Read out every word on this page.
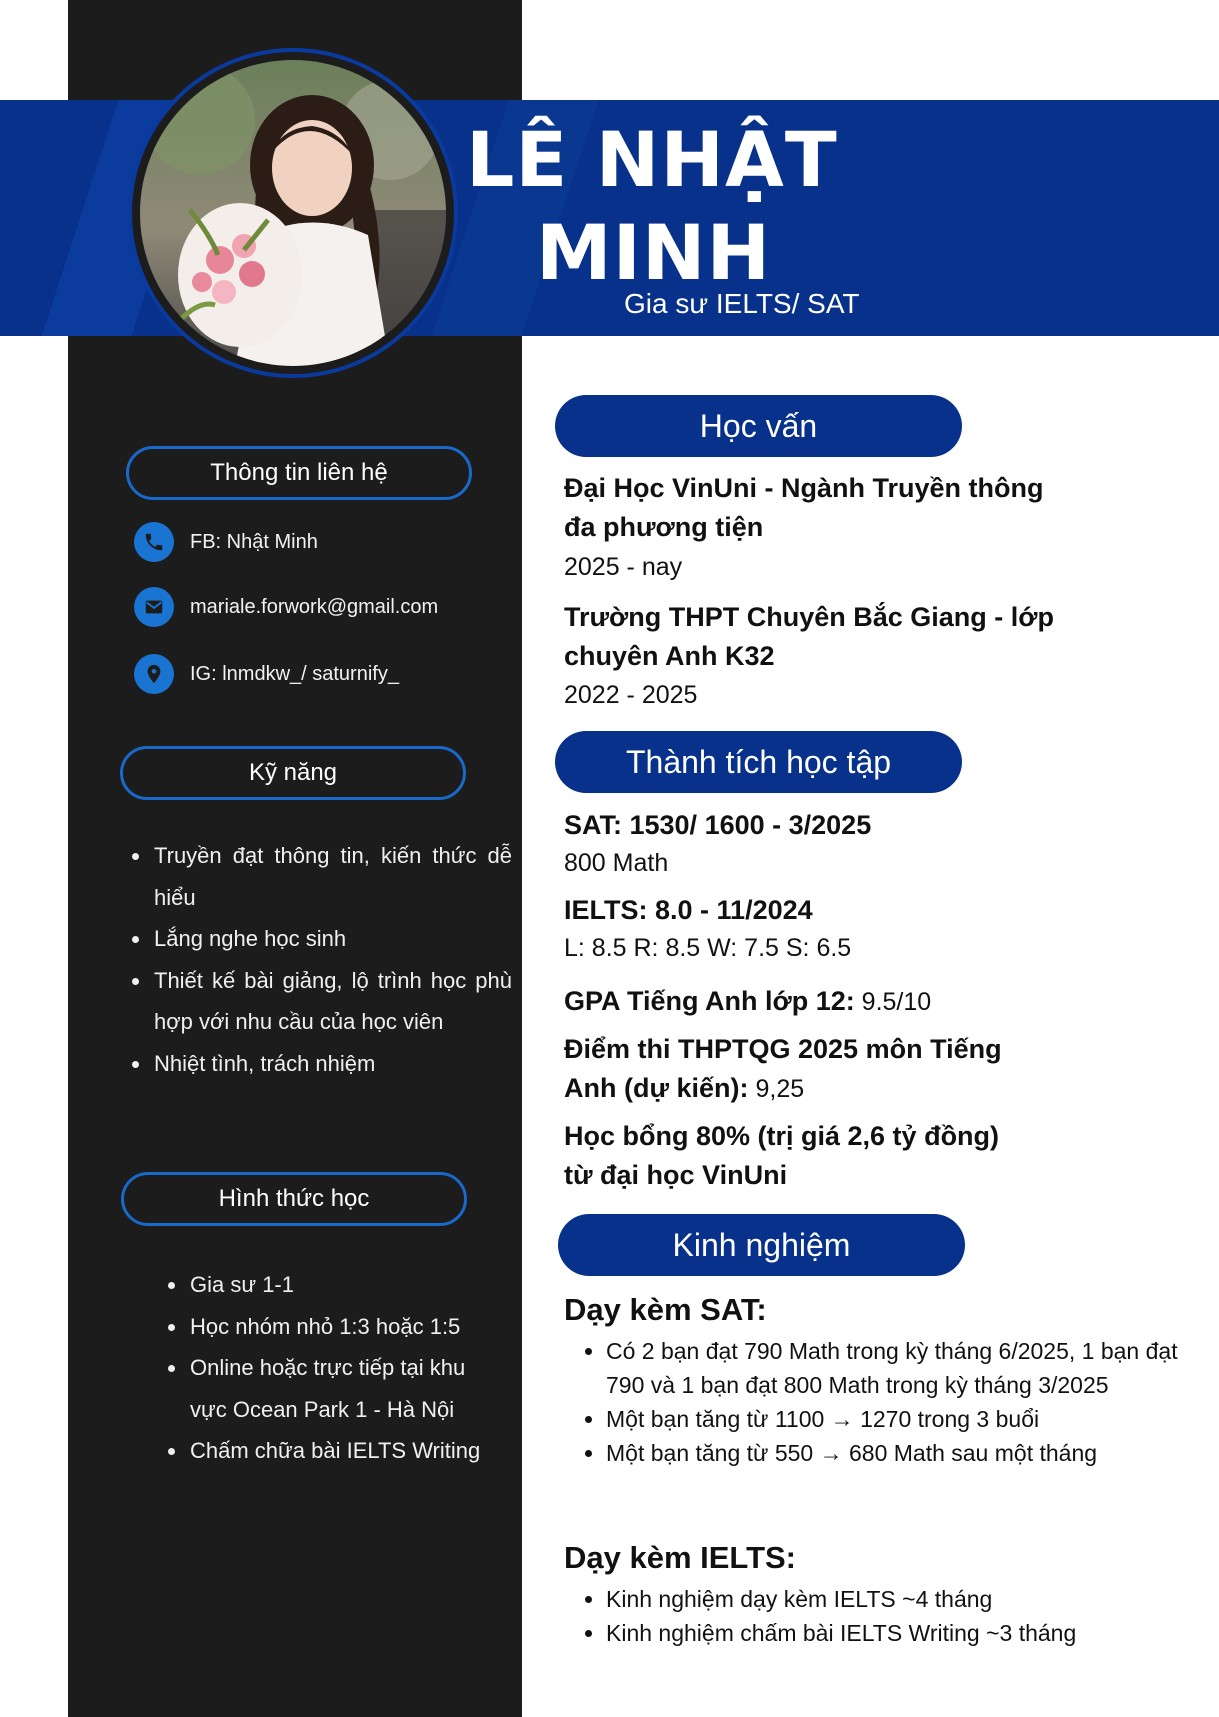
LÊ NHẬT
MINH
Gia sư IELTS/ SAT
Thông tin liên hệ
FB: Nhật Minh
mariale.forwork@gmail.com
IG: lnmdkw_/ saturnify_
Kỹ năng
• Truyền đạt thông tin, kiến thức dễ hiểu
• Lắng nghe học sinh
• Thiết kế bài giảng, lộ trình học phù hợp với nhu cầu của học viên
• Nhiệt tình, trách nhiệm
Hình thức học
• Gia sư 1-1
• Học nhóm nhỏ 1:3 hoặc 1:5
• Online hoặc trực tiếp tại khu vực Ocean Park 1 - Hà Nội
• Chấm chữa bài IELTS Writing
Học vấn
Đại Học VinUni - Ngành Truyền thông
đa phương tiện
2025 - nay
Trường THPT Chuyên Bắc Giang - lớp
chuyên Anh K32
2022 - 2025
Thành tích học tập
SAT: 1530/ 1600 - 3/2025
800 Math
IELTS: 8.0 - 11/2024
L: 8.5 R: 8.5 W: 7.5 S: 6.5
GPA Tiếng Anh lớp 12: 9.5/10
Điểm thi THPTQG 2025 môn Tiếng
Anh (dự kiến): 9,25
Học bổng 80% (trị giá 2,6 tỷ đồng)
từ đại học VinUni
Kinh nghiệm
Dạy kèm SAT:
• Có 2 bạn đạt 790 Math trong kỳ tháng 6/2025, 1 bạn đạt 790 và 1 bạn đạt 800 Math trong kỳ tháng 3/2025
• Một bạn tăng từ 1100 → 1270 trong 3 buổi
• Một bạn tăng từ 550 → 680 Math sau một tháng
Dạy kèm IELTS:
• Kinh nghiệm dạy kèm IELTS ~4 tháng
• Kinh nghiệm chấm bài IELTS Writing ~3 tháng
